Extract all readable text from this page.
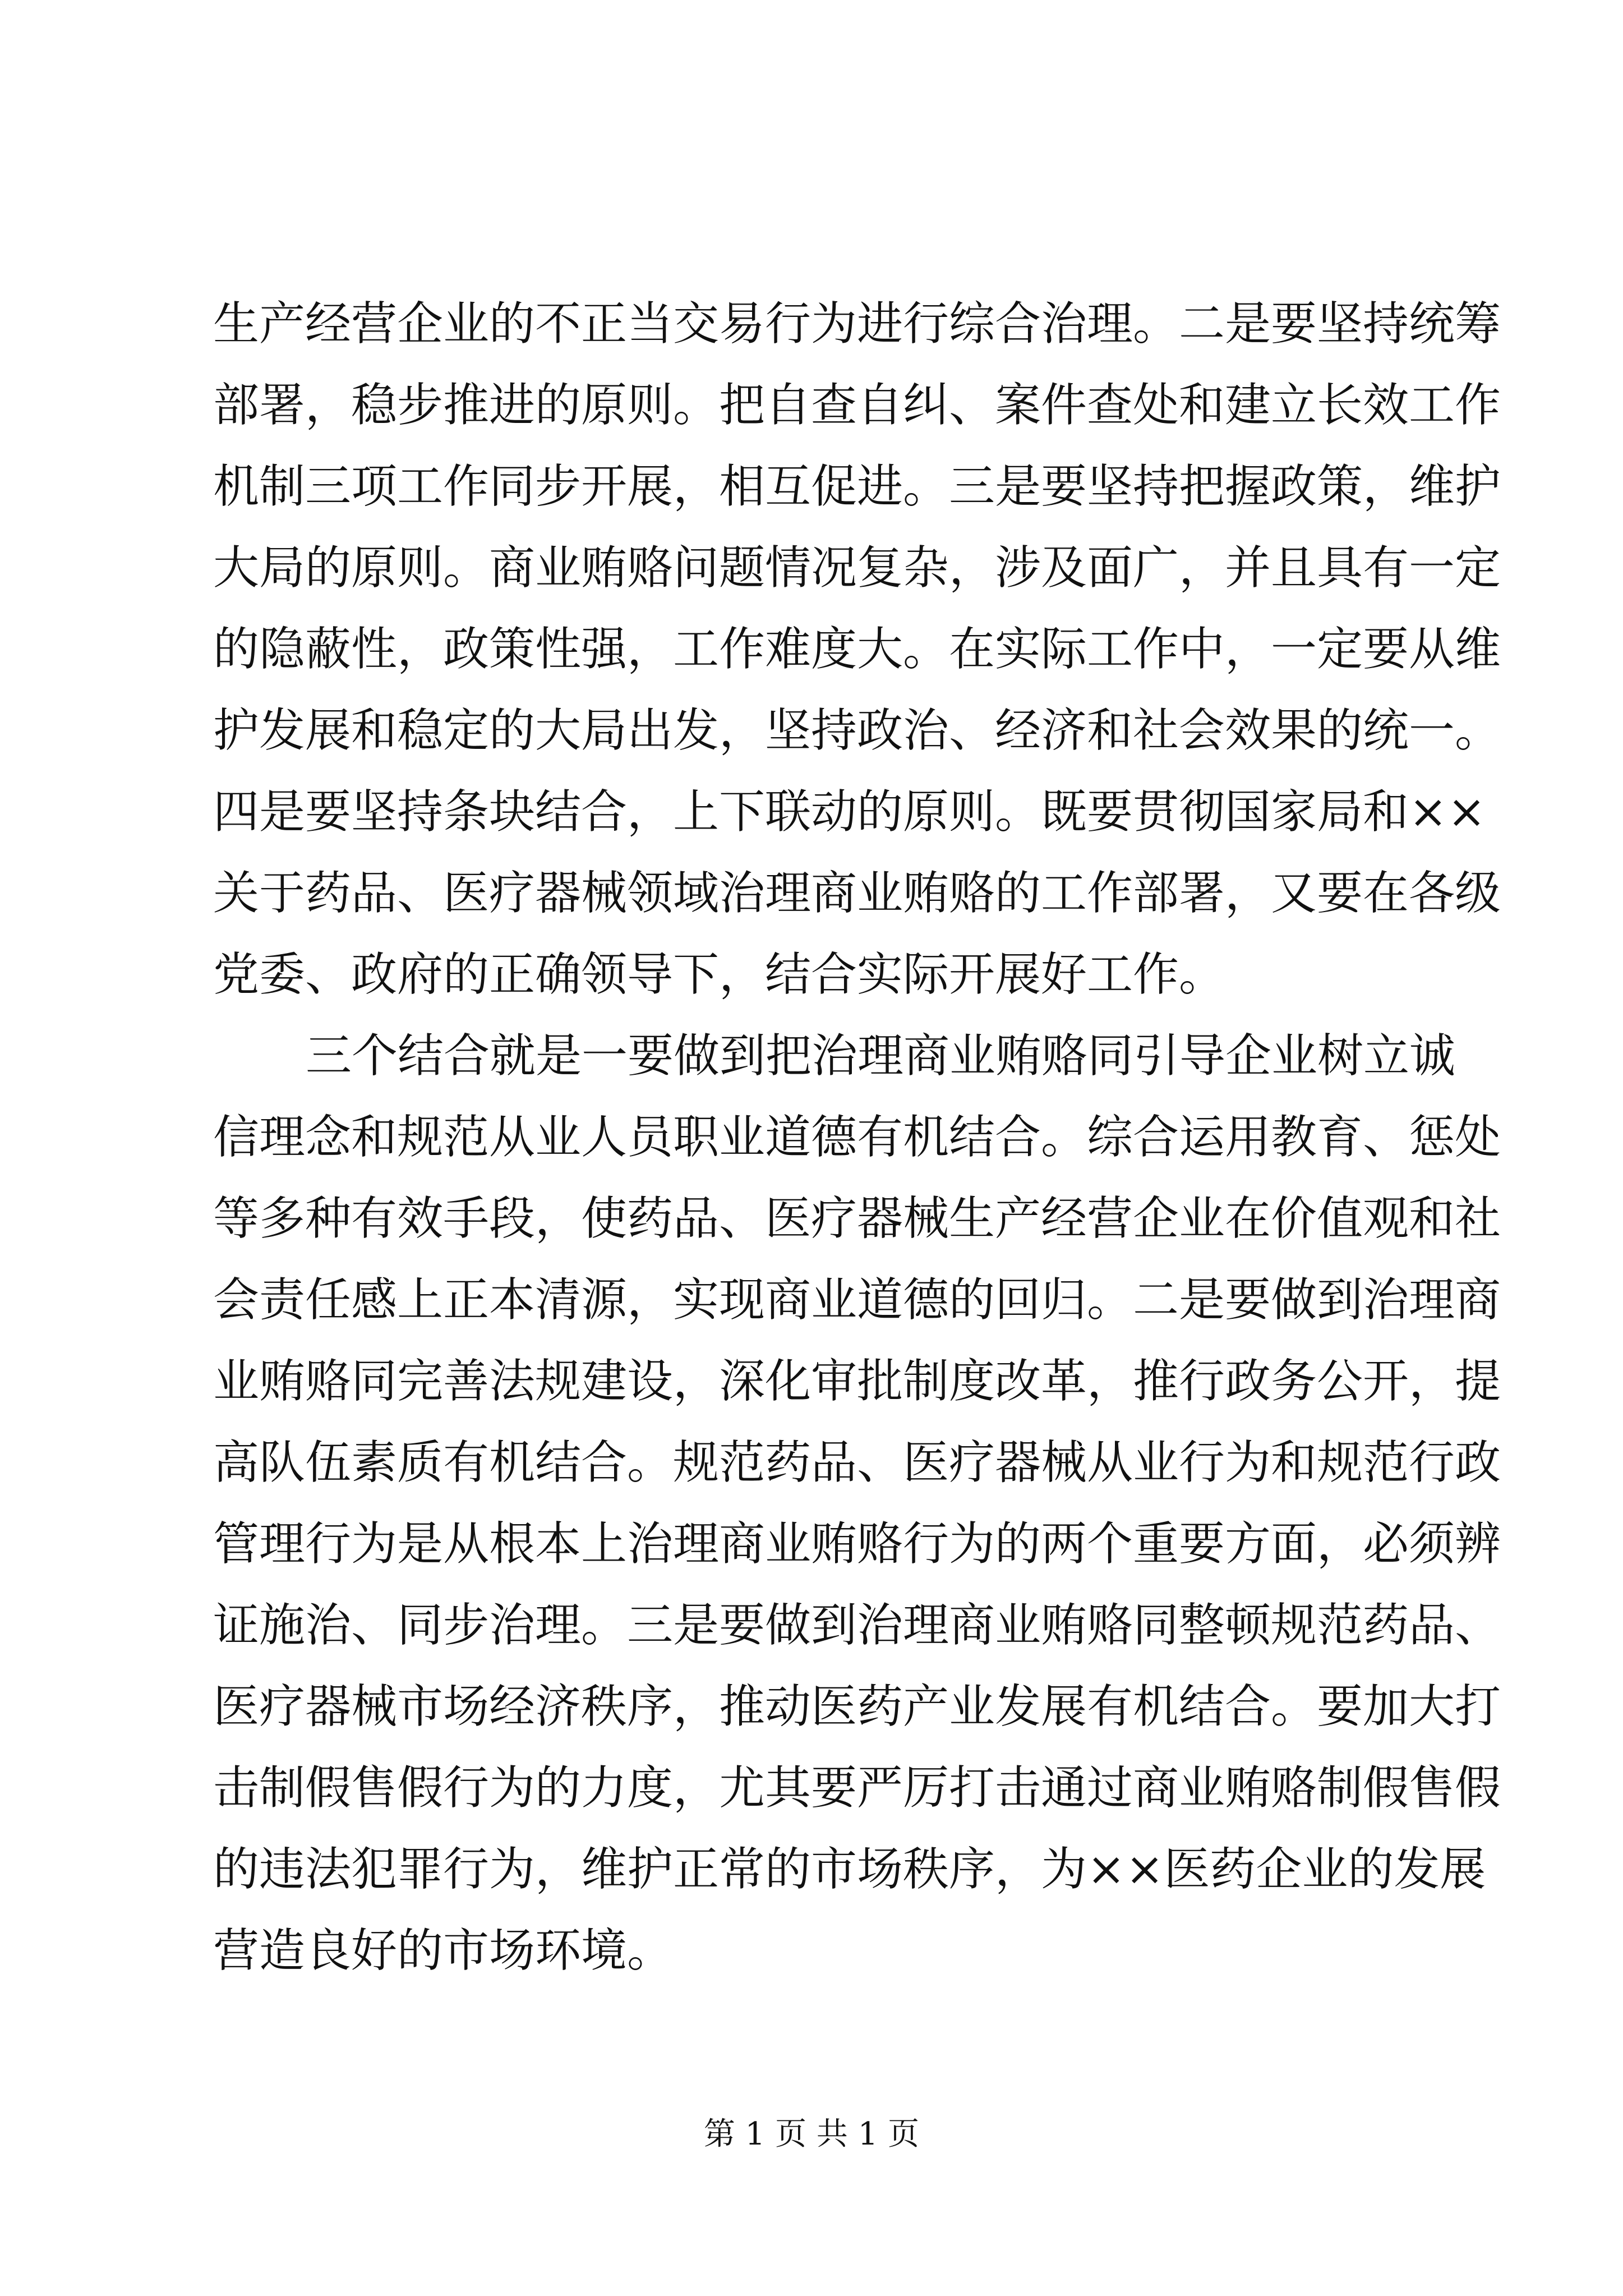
生产经营企业的不正当交易行为进行综合治理。二是要坚持统筹
部署，稳步推进的原则。把自查自纠、案件查处和建立长效工作
机制三项工作同步开展，相互促进。三是要坚持把握政策，维护
大局的原则。商业贿赂问题情况复杂，涉及面广，并且具有一定
的隐蔽性，政策性强，工作难度大。在实际工作中，一定要从维
护发展和稳定的大局出发，坚持政治、经济和社会效果的统一。
四是要坚持条块结合，上下联动的原则。既要贯彻国家局和××
关于药品、医疗器械领域治理商业贿赂的工作部署，又要在各级
党委、政府的正确领导下，结合实际开展好工作。
三个结合就是一要做到把治理商业贿赂同引导企业树立诚
信理念和规范从业人员职业道德有机结合。综合运用教育、惩处
等多种有效手段，使药品、医疗器械生产经营企业在价值观和社
会责任感上正本清源，实现商业道德的回归。二是要做到治理商
业贿赂同完善法规建设，深化审批制度改革，推行政务公开，提
高队伍素质有机结合。规范药品、医疗器械从业行为和规范行政
管理行为是从根本上治理商业贿赂行为的两个重要方面，必须辨
证施治、同步治理。三是要做到治理商业贿赂同整顿规范药品、
医疗器械市场经济秩序，推动医药产业发展有机结合。要加大打
击制假售假行为的力度，尤其要严厉打击通过商业贿赂制假售假
的违法犯罪行为，维护正常的市场秩序，为××医药企业的发展
营造良好的市场环境。
第 1 页 共 1 页
